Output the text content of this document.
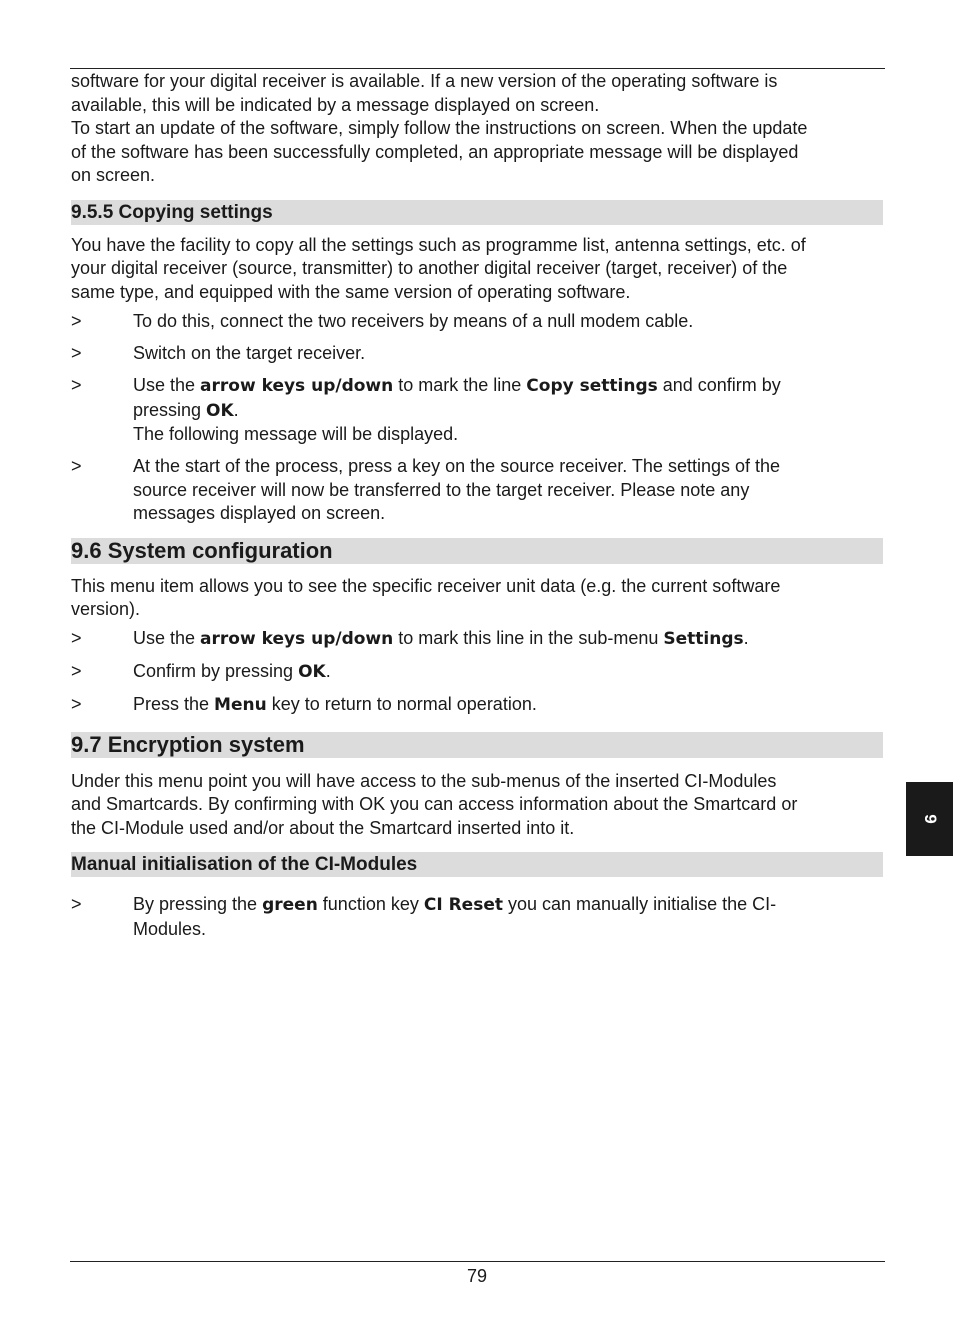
software for your digital receiver is available. If a new version of the operating software is
available, this will be indicated by a message displayed on screen.
To start an update of the software, simply follow the instructions on screen. When the update
of the software has been successfully completed, an appropriate message will be displayed
on screen.

9.5.5 Copying settings

You have the facility to copy all the settings such as programme list, antenna settings, etc. of
your digital receiver (source, transmitter) to another digital receiver (target, receiver) of the
same type, and equipped with the same version of operating software.

>	To do this, connect the two receivers by means of a null modem cable.
>	Switch on the target receiver.
>	Use the arrow keys up/down to mark the line Copy settings and confirm by
pressing OK.
The following message will be displayed.
>	At the start of the process, press a key on the source receiver. The settings of the
source receiver will now be transferred to the target receiver. Please note any
messages displayed on screen.
9.6 System configuration

This menu item allows you to see the specific receiver unit data (e.g. the current software
version).

>	Use the arrow keys up/down to mark this line in the sub-menu Settings.
>	Confirm by pressing OK.
>	Press the Menu key to return to normal operation.
9.7 Encryption system

Under this menu point you will have access to the sub-menus of the inserted CI-Modules
and Smartcards. By confirming with OK you can access information about the Smartcard or
the CI-Module used and/or about the Smartcard inserted into it.

Manual initialisation of the CI-Modules
>	By pressing the green function key CI Reset you can manually initialise the CI-
Modules.
9
79
